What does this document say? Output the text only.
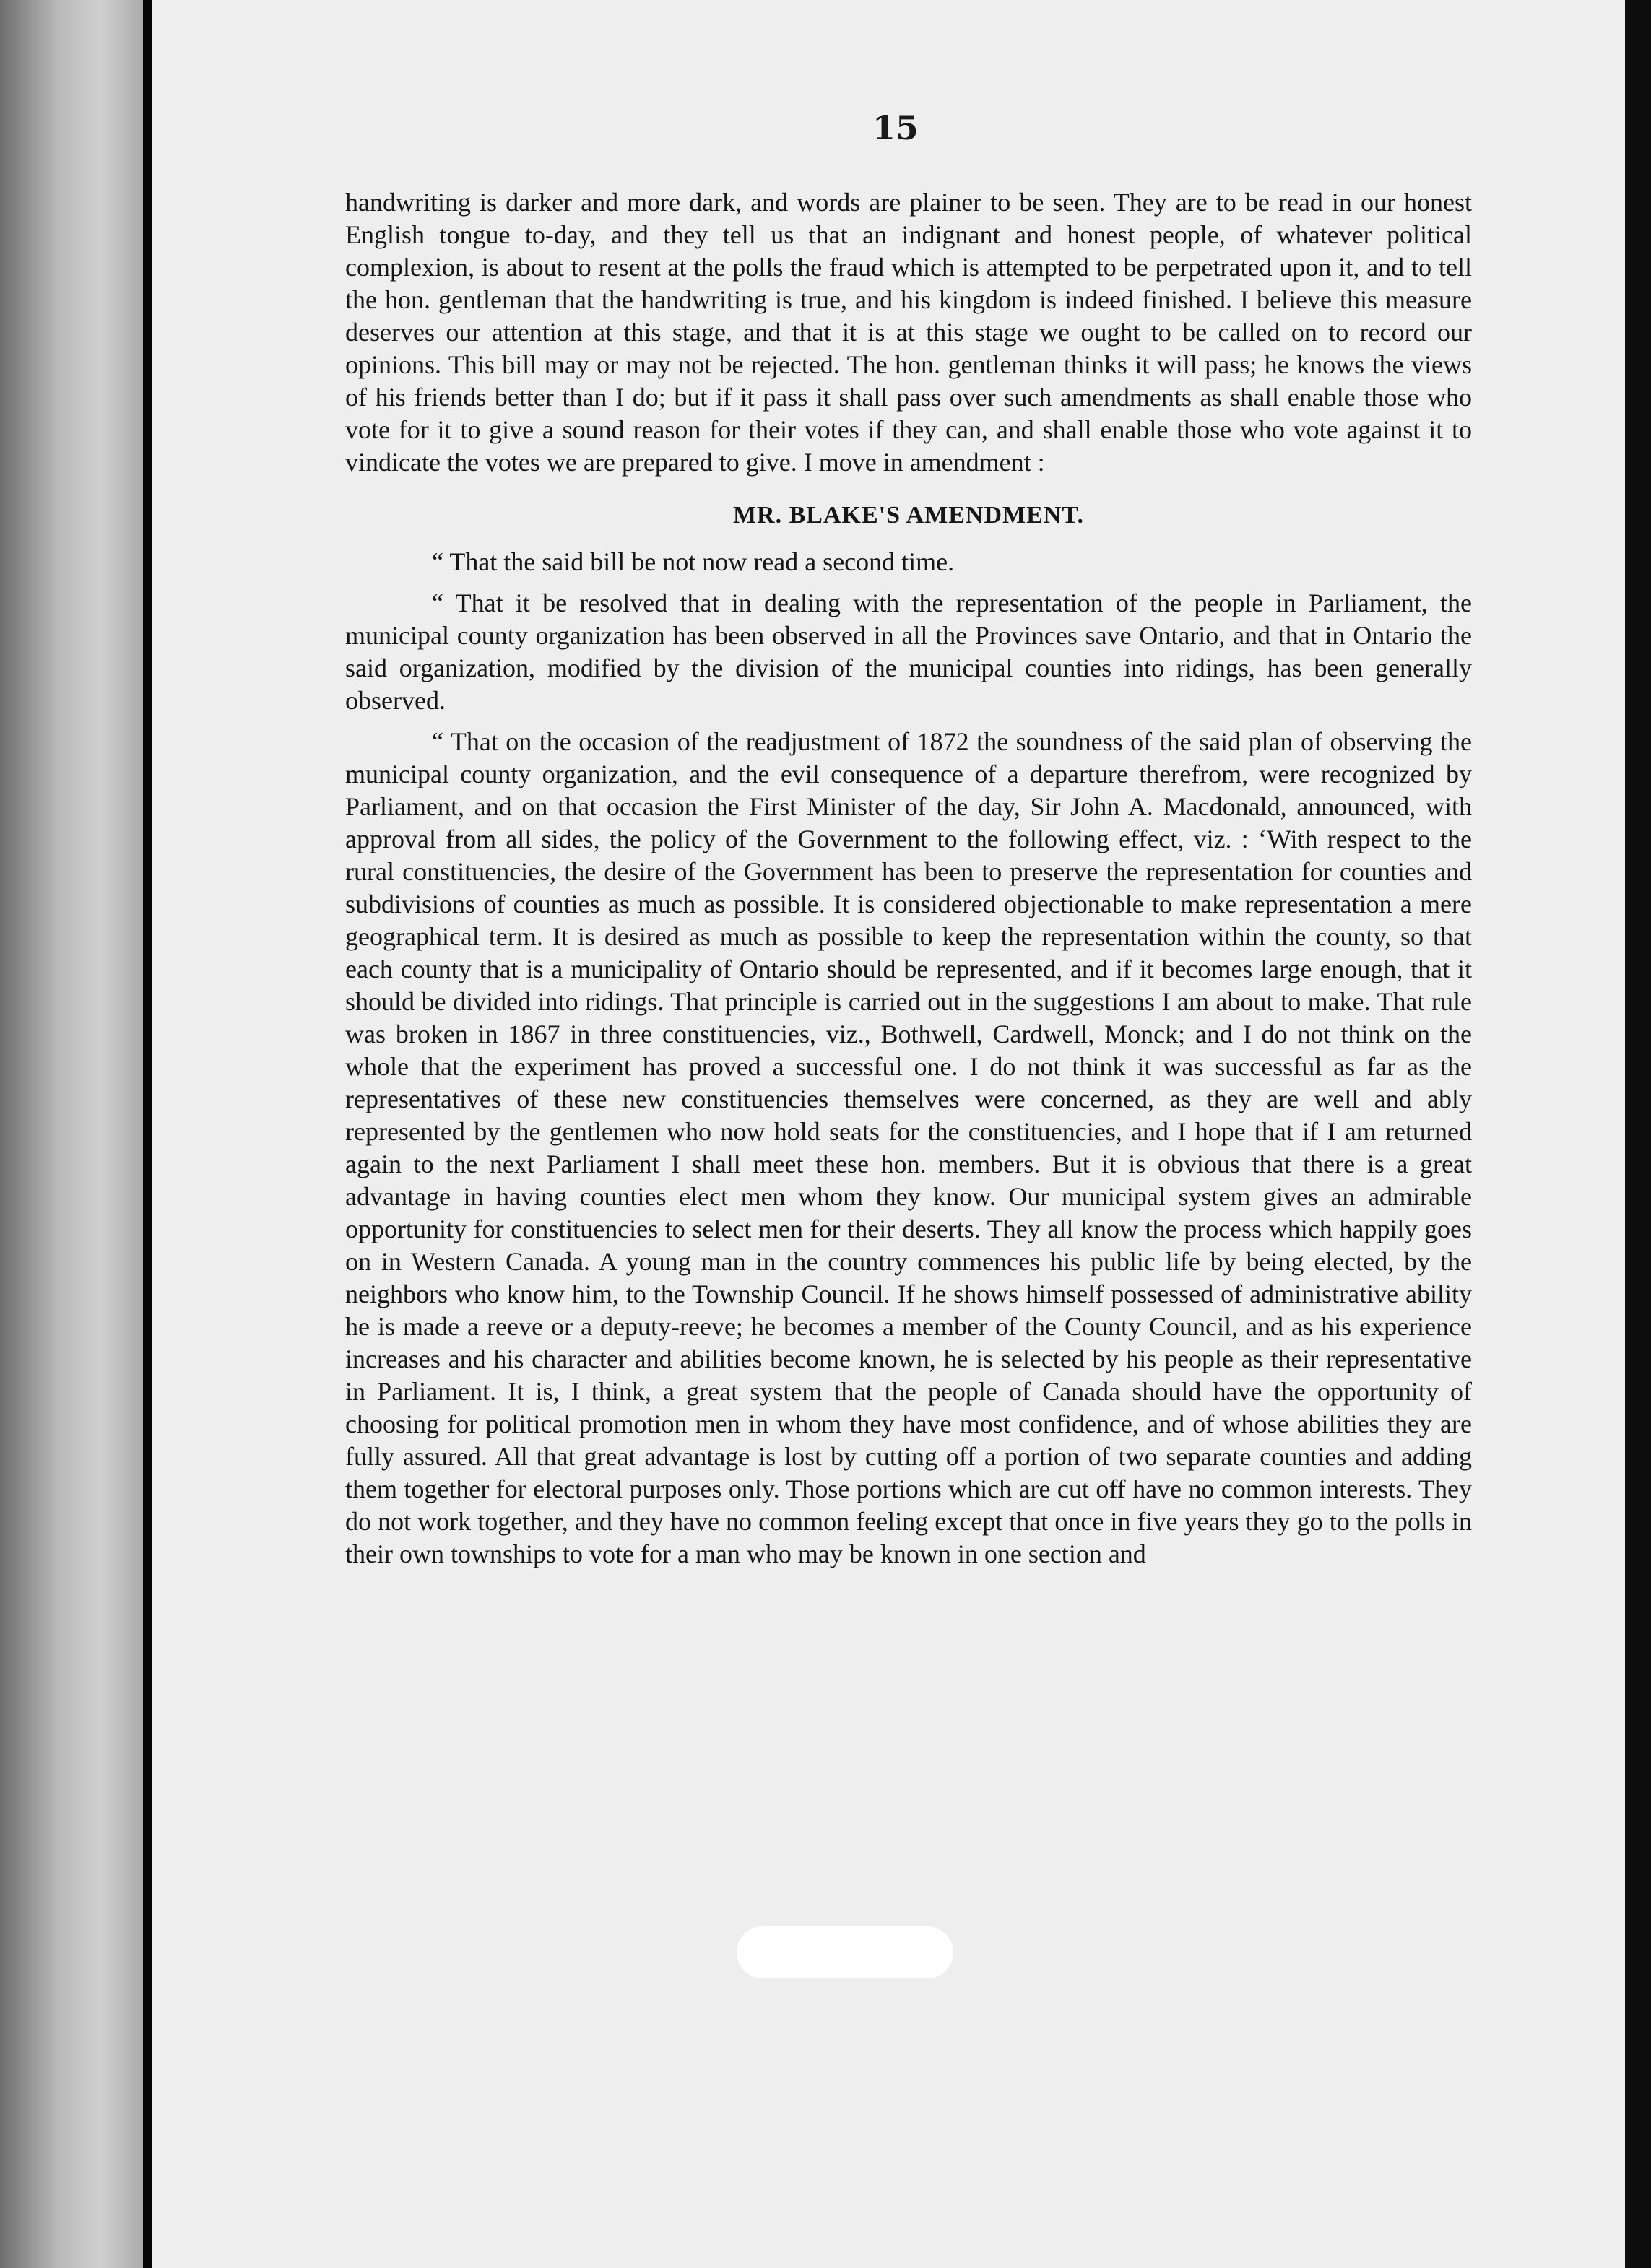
15

handwriting is darker and more dark, and words are plainer to be seen. They are to be read in our honest English tongue to-day, and they tell us that an indignant and honest people, of whatever political complexion, is about to resent at the polls the fraud which is attempted to be perpetrated upon it, and to tell the hon. gentleman that the handwriting is true, and his kingdom is indeed finished. I believe this measure deserves our attention at this stage, and that it is at this stage we ought to be called on to record our opinions. This bill may or may not be rejected. The hon. gentleman thinks it will pass; he knows the views of his friends better than I do; but if it pass it shall pass over such amendments as shall enable those who vote for it to give a sound reason for their votes if they can, and shall enable those who vote against it to vindicate the votes we are prepared to give. I move in amendment :

MR. BLAKE'S AMENDMENT.

“ That the said bill be not now read a second time.

“ That it be resolved that in dealing with the representation of the people in Parliament, the municipal county organization has been observed in all the Provinces save Ontario, and that in Ontario the said organization, modified by the division of the municipal counties into ridings, has been generally observed.

“ That on the occasion of the readjustment of 1872 the soundness of the said plan of observing the municipal county organization, and the evil consequence of a departure therefrom, were recognized by Parliament, and on that occasion the First Minister of the day, Sir John A. Macdonald, announced, with approval from all sides, the policy of the Government to the following effect, viz. : ‘With respect to the rural constituencies, the desire of the Government has been to preserve the representation for counties and subdivisions of counties as much as possible. It is considered objectionable to make representation a mere geographical term. It is desired as much as possible to keep the representation within the county, so that each county that is a municipality of Ontario should be represented, and if it becomes large enough, that it should be divided into ridings. That principle is carried out in the suggestions I am about to make. That rule was broken in 1867 in three constituencies, viz., Bothwell, Cardwell, Monck; and I do not think on the whole that the experiment has proved a successful one. I do not think it was successful as far as the representatives of these new constituencies themselves were concerned, as they are well and ably represented by the gentlemen who now hold seats for the constituencies, and I hope that if I am returned again to the next Parliament I shall meet these hon. members. But it is obvious that there is a great advantage in having counties elect men whom they know. Our municipal system gives an admirable opportunity for constituencies to select men for their deserts. They all know the process which happily goes on in Western Canada. A young man in the country commences his public life by being elected, by the neighbors who know him, to the Township Council. If he shows himself possessed of administrative ability he is made a reeve or a deputy-reeve; he becomes a member of the County Council, and as his experience increases and his character and abilities become known, he is selected by his people as their representative in Parliament. It is, I think, a great system that the people of Canada should have the opportunity of choosing for political promotion men in whom they have most confidence, and of whose abilities they are fully assured. All that great advantage is lost by cutting off a portion of two separate counties and adding them together for electoral purposes only. Those portions which are cut off have no common interests. They do not work together, and they have no common feeling except that once in five years they go to the polls in their own townships to vote for a man who may be known in one section and
